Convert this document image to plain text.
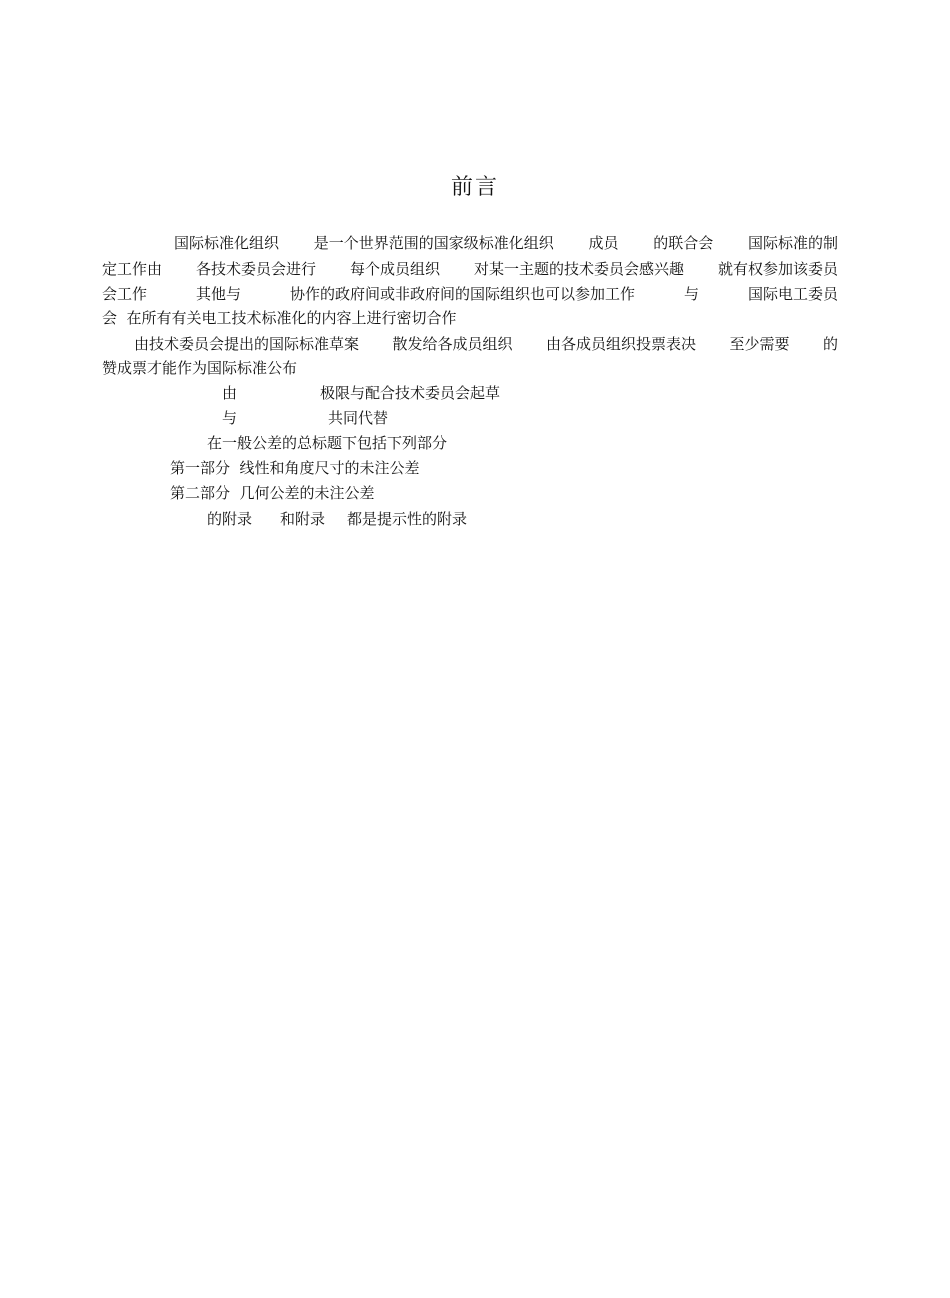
前言
国际标准化组织 是一个世界范围的国家级标准化组织 成员 的联合会 国际标准的制
定工作由 各技术委员会进行 每个成员组织 对某一主题的技术委员会感兴趣 就有权参加该委员
会工作	其他与	协作的政府间或非政府间的国际组织也可以参加工作	与	国际电工委员

会  在所有有关电工技术标准化的内容上进行密切合作

由技术委员会提出的国际标准草案 散发给各成员组织 由各成员组织投票表决 至少需要 的

赞成票才能作为国际标准公布

由	极限与配合技术委员会起草

与	共同代替

在一般公差的总标题下包括下列部分

第一部分  线性和角度尺寸的未注公差

第二部分  几何公差的未注公差

的附录 和附录 都是提示性的附录
